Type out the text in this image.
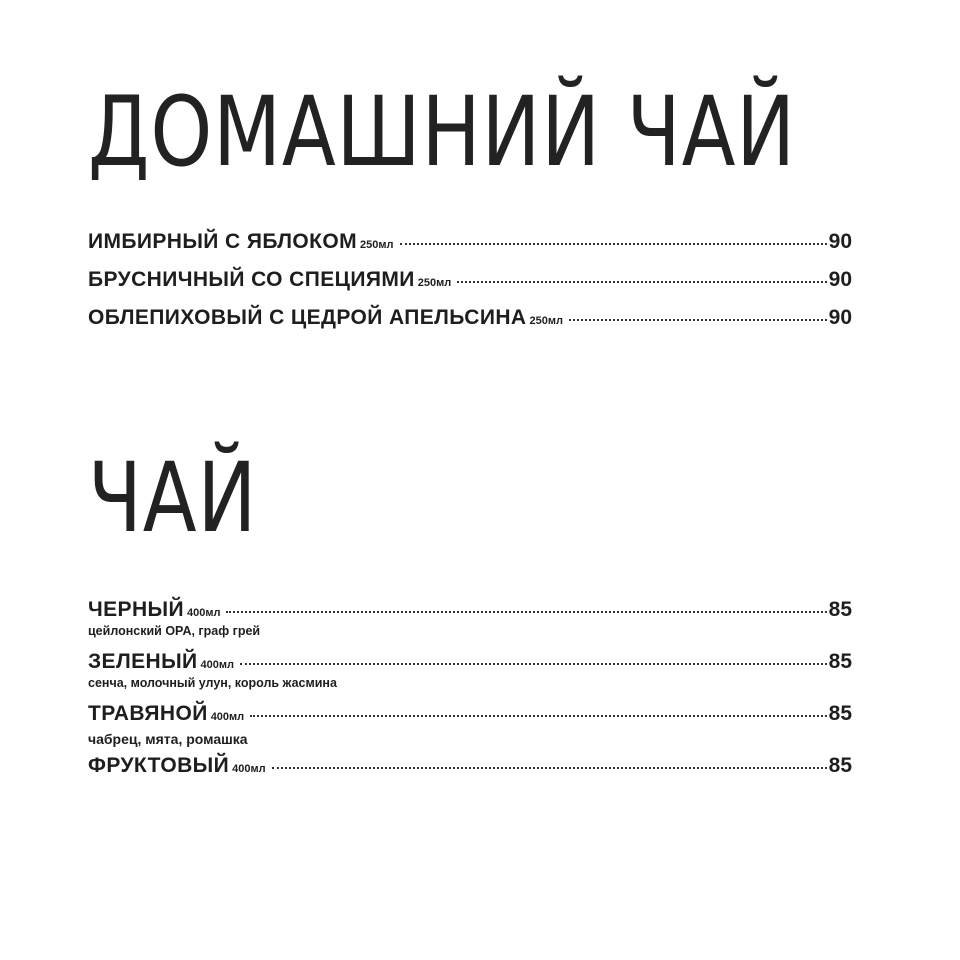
ДОМАШНИЙ ЧАЙ
ИМБИРНЫЙ С ЯБЛОКОМ 250мл	90
БРУСНИЧНЫЙ СО СПЕЦИЯМИ 250мл	90
ОБЛЕПИХОВЫЙ С ЦЕДРОЙ АПЕЛЬСИНА 250мл	90
ЧАЙ
ЧЕРНЫЙ 400мл	85
цейлонский OPA, граф грей
ЗЕЛЕНЫЙ 400мл	85
сенча, молочный улун, король жасмина
ТРАВЯНОЙ 400мл	85
чабрец, мята, ромашка
ФРУКТОВЫЙ 400мл	85
